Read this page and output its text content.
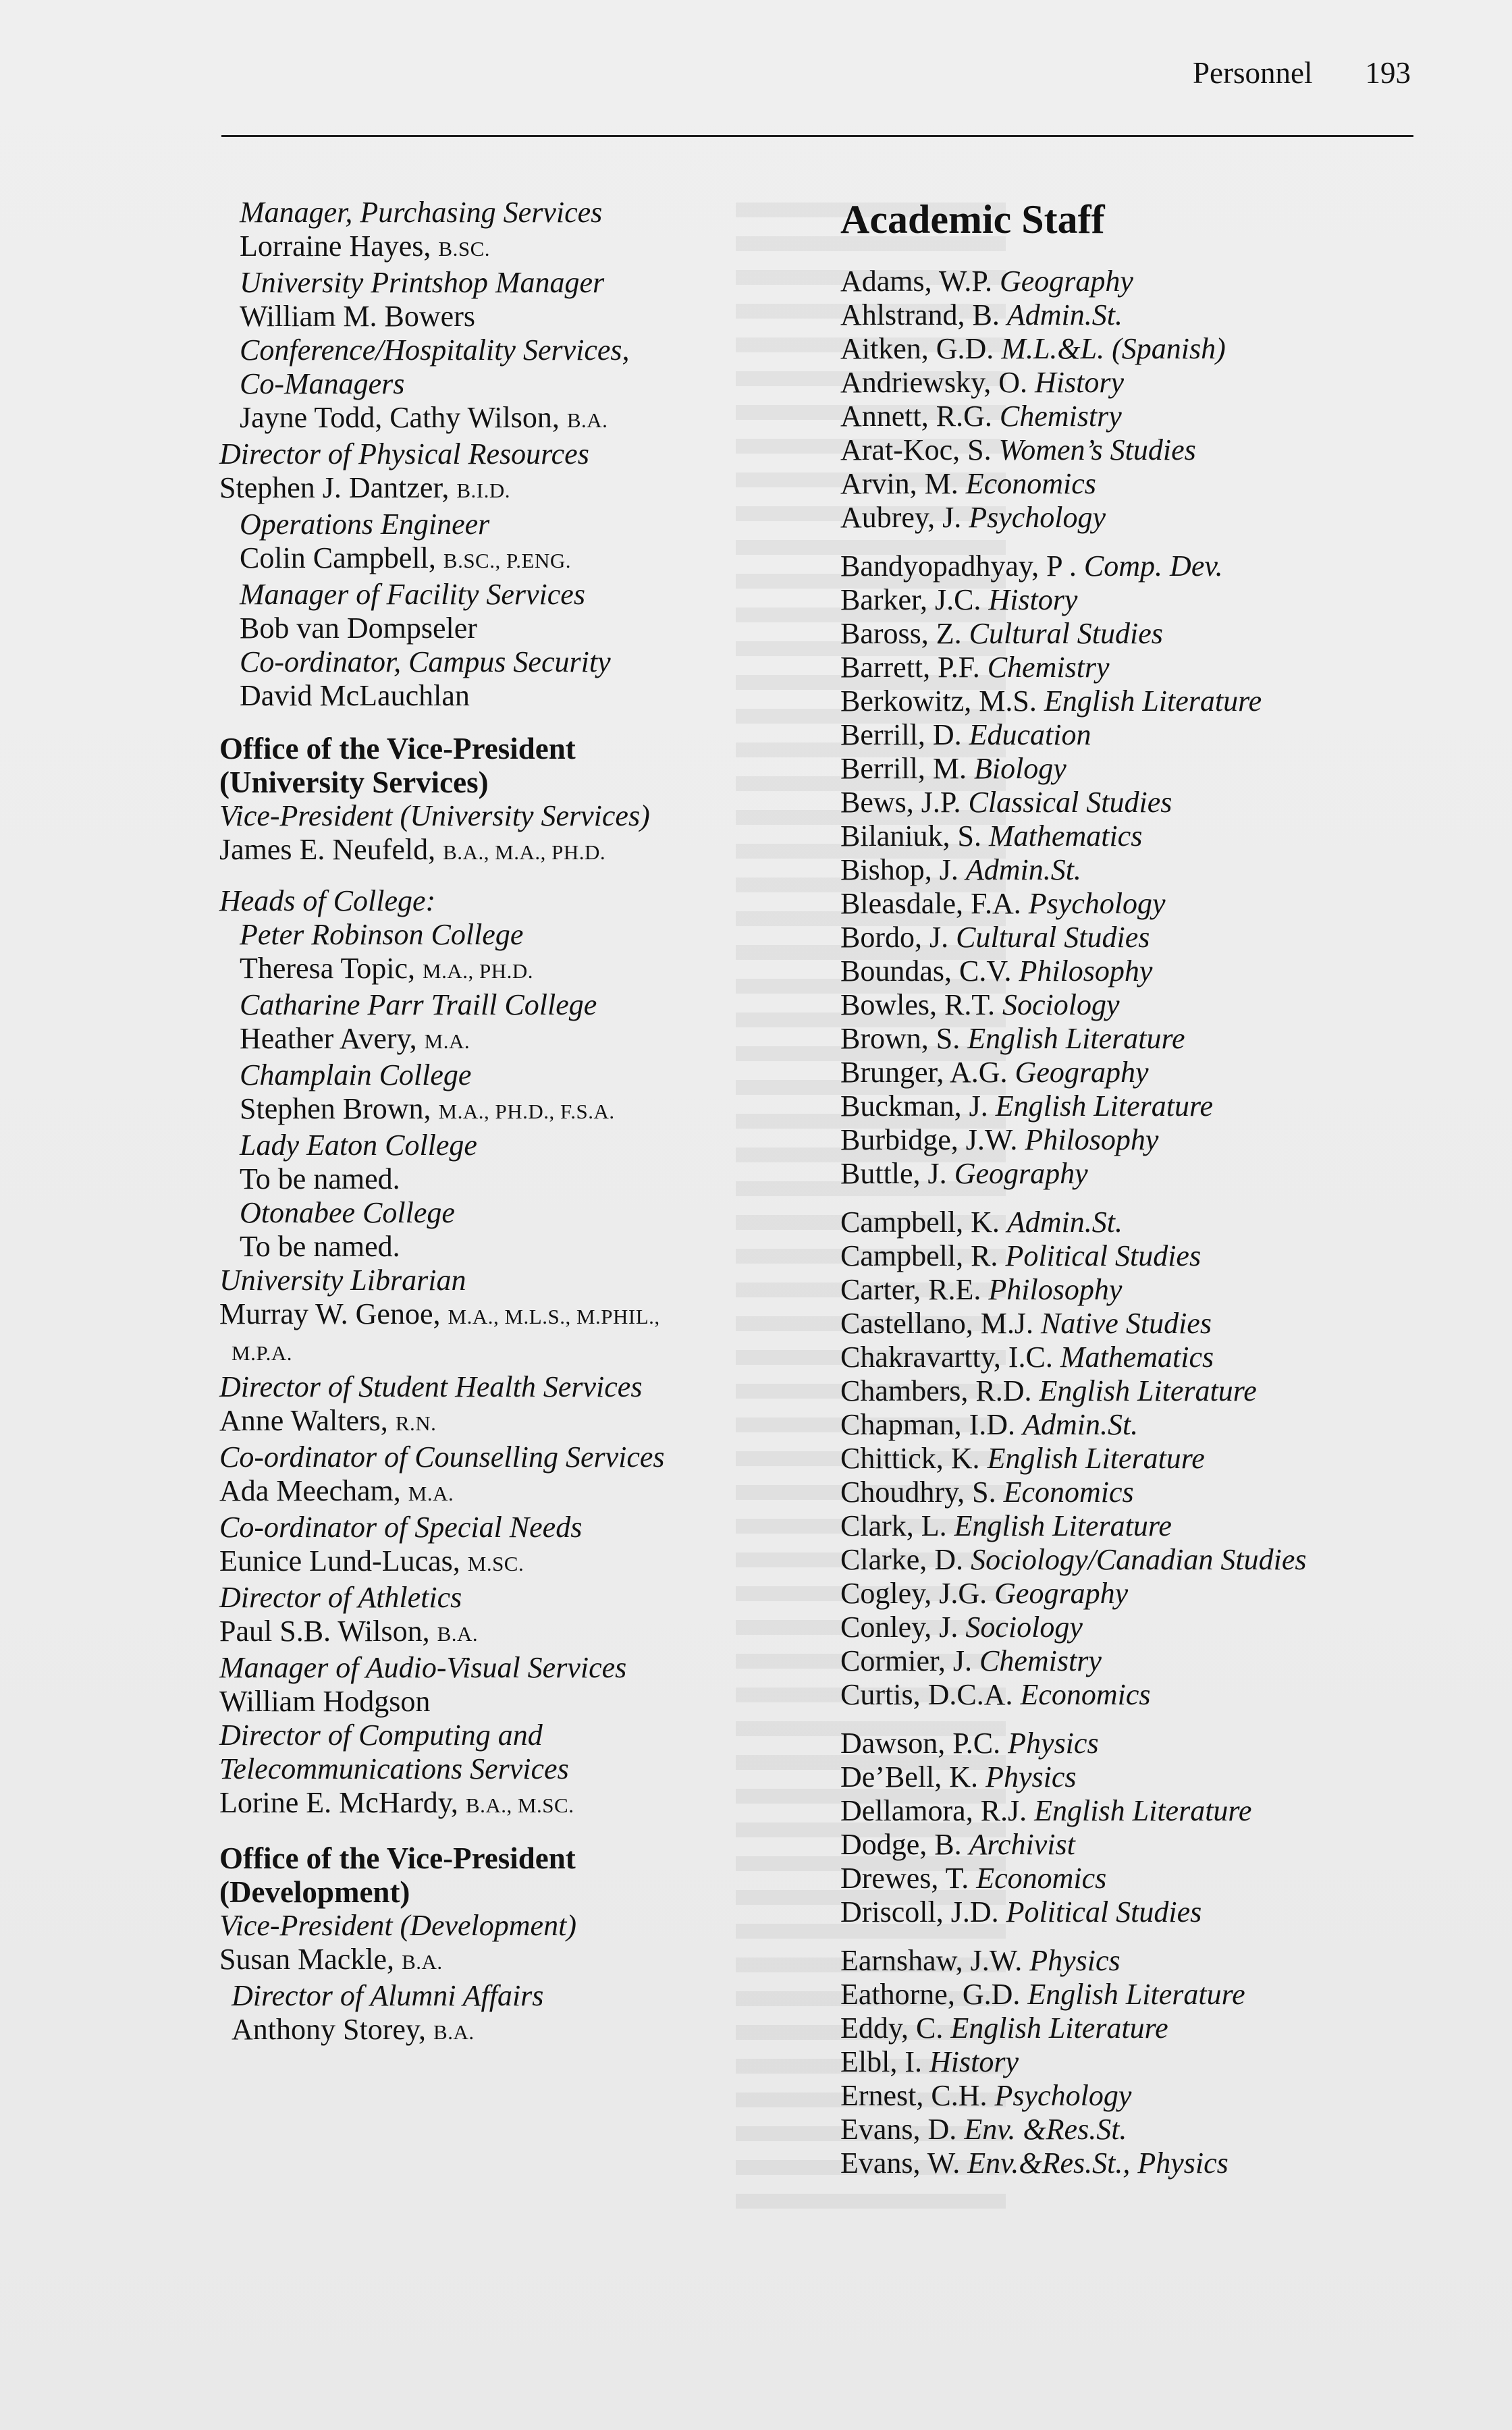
Personnel 193
Manager, Purchasing Services
Lorraine Hayes, B.SC.
University Printshop Manager
William M. Bowers
Conference/Hospitality Services,
Co-Managers
Jayne Todd, Cathy Wilson, B.A.
Director of Physical Resources
Stephen J. Dantzer, B.I.D.
Operations Engineer
Colin Campbell, B.SC., P.ENG.
Manager of Facility Services
Bob van Dompseler
Co-ordinator, Campus Security
David McLauchlan
Office of the Vice-President
(University Services)
Vice-President (University Services)
James E. Neufeld, B.A., M.A., PH.D.
Heads of College:
Peter Robinson College
Theresa Topic, M.A., PH.D.
Catharine Parr Traill College
Heather Avery, M.A.
Champlain College
Stephen Brown, M.A., PH.D., F.S.A.
Lady Eaton College
To be named.
Otonabee College
To be named.
University Librarian
Murray W. Genoe, M.A., M.L.S., M.PHIL.,
M.P.A.
Director of Student Health Services
Anne Walters, R.N.
Co-ordinator of Counselling Services
Ada Meecham, M.A.
Co-ordinator of Special Needs
Eunice Lund-Lucas, M.SC.
Director of Athletics
Paul S.B. Wilson, B.A.
Manager of Audio-Visual Services
William Hodgson
Director of Computing and
Telecommunications Services
Lorine E. McHardy, B.A., M.SC.
Office of the Vice-President
(Development)
Vice-President (Development)
Susan Mackle, B.A.
Director of Alumni Affairs
Anthony Storey, B.A.
Academic Staff
Adams, W.P. Geography
Ahlstrand, B. Admin.St.
Aitken, G.D. M.L.&L. (Spanish)
Andriewsky, O. History
Annett, R.G. Chemistry
Arat-Koc, S. Women’s Studies
Arvin, M. Economics
Aubrey, J. Psychology
Bandyopadhyay, P . Comp. Dev.
Barker, J.C. History
Baross, Z. Cultural Studies
Barrett, P.F. Chemistry
Berkowitz, M.S. English Literature
Berrill, D. Education
Berrill, M. Biology
Bews, J.P. Classical Studies
Bilaniuk, S. Mathematics
Bishop, J. Admin.St.
Bleasdale, F.A. Psychology
Bordo, J. Cultural Studies
Boundas, C.V. Philosophy
Bowles, R.T. Sociology
Brown, S. English Literature
Brunger, A.G. Geography
Buckman, J. English Literature
Burbidge, J.W. Philosophy
Buttle, J. Geography
Campbell, K. Admin.St.
Campbell, R. Political Studies
Carter, R.E. Philosophy
Castellano, M.J. Native Studies
Chakravartty, I.C. Mathematics
Chambers, R.D. English Literature
Chapman, I.D. Admin.St.
Chittick, K. English Literature
Choudhry, S. Economics
Clark, L. English Literature
Clarke, D. Sociology/Canadian Studies
Cogley, J.G. Geography
Conley, J. Sociology
Cormier, J. Chemistry
Curtis, D.C.A. Economics
Dawson, P.C. Physics
De’Bell, K. Physics
Dellamora, R.J. English Literature
Dodge, B. Archivist
Drewes, T. Economics
Driscoll, J.D. Political Studies
Earnshaw, J.W. Physics
Eathorne, G.D. English Literature
Eddy, C. English Literature
Elbl, I. History
Ernest, C.H. Psychology
Evans, D. Env. &Res.St.
Evans, W. Env.&Res.St., Physics
